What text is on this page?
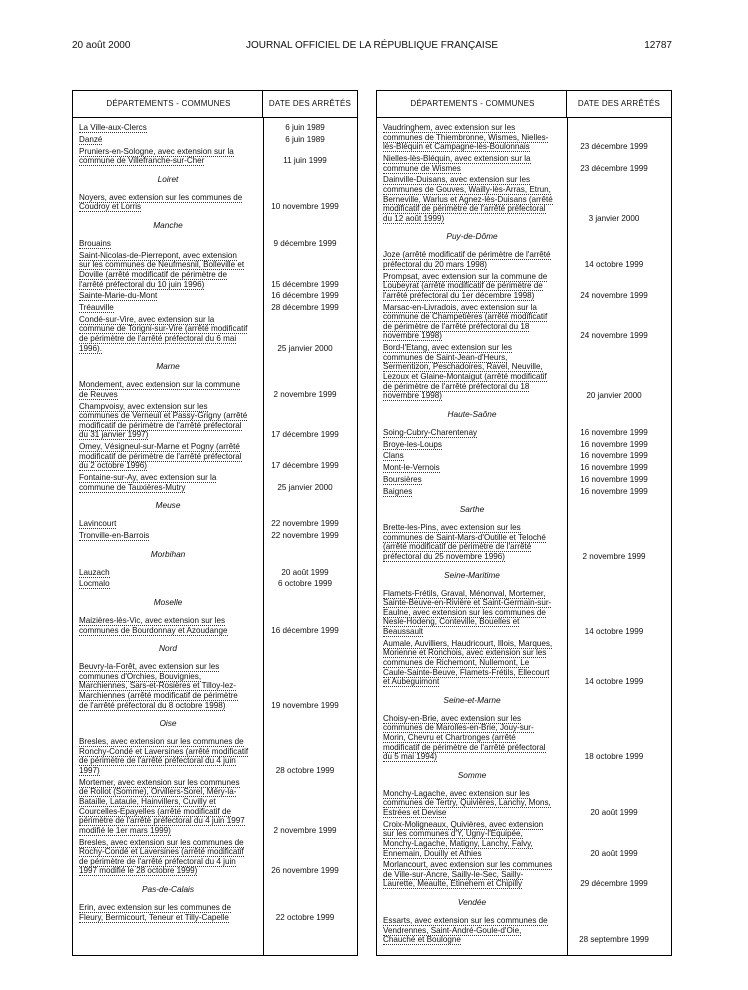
20 août 2000	JOURNAL OFFICIEL DE LA RÉPUBLIQUE FRANÇAISE	12787
DÉPARTEMENTS - COMMUNES	DATE DES ARRÊTÉS
La Ville-aux-Clercs	6 juin 1989
Danzé	6 juin 1989
Pruniers-en-Sologne, avec extension sur la commune de Villefranche-sur-Cher	11 juin 1999
Loiret
Noyers, avec extension sur les communes de Coudroy et Lorris	10 novembre 1999
Manche
Brouains	9 décembre 1999
Saint-Nicolas-de-Pierrepont, avec extension sur les communes de Neufmesnil, Bolleville et Doville (arrêté modificatif de périmètre de l'arrêté préfectoral du 10 juin 1996)	15 décembre 1999
Sainte-Marie-du-Mont	16 décembre 1999
Tréauville	28 décembre 1999
Condé-sur-Vire, avec extension sur la commune de Torigni-sur-Vire (arrêté modificatif de périmètre de l'arrêté préfectoral du 6 mai 1996).	25 janvier 2000
Marne
Mondement, avec extension sur la commune de Reuves	2 novembre 1999
Champvoisy, avec extension sur les communes de Verneuil et Passy-Grigny (arrêté modificatif de périmètre de l'arrêté préfectoral du 31 janvier 1997)	17 décembre 1999
Omey, Vésigneul-sur-Marne et Pogny (arrêté modificatif de périmètre de l'arrêté préfectoral du 2 octobre 1996)	17 décembre 1999
Fontaine-sur-Ay, avec extension sur la commune de Tauxières-Mutry	25 janvier 2000
Meuse
Lavincourt	22 novembre 1999
Tronville-en-Barrois	22 novembre 1999
Morbihan
Lauzach	20 août 1999
Locmalo	6 octobre 1999
Moselle
Maizières-lès-Vic, avec extension sur les communes de Bourdonnay et Azoudange	16 décembre 1999
Nord
Beuvry-la-Forêt, avec extension sur les communes d'Orchies, Bouvignies, Marchiennes, Sars-et-Rosières et Tilloy-lez-Marchiennes (arrêté modificatif de périmètre de l'arrêté préfectoral du 8 octobre 1998)	19 novembre 1999
Oise
Bresles, avec extension sur les communes de Ronchy-Condé et Laversines (arrêté modificatif de périmètre de l'arrêté préfectoral du 4 juin 1997)	28 octobre 1999
Mortemer, avec extension sur les communes de Rollot (Somme), Orvillers-Sorel, Méry-la-Bataille, Lataule, Hainvillers, Cuvilly et Courcelles-Epayelles (arrêté modificatif de périmètre de l'arrêté préfectoral du 4 juin 1997 modifié le 1er mars 1999)	2 novembre 1999
Bresles, avec extension sur les communes de Rochy-Condé et Laversines (arrêté modificatif de périmètre de l'arrêté préfectoral du 4 juin 1997 modifié le 28 octobre 1999)	26 novembre 1999
Pas-de-Calais
Erin, avec extension sur les communes de Fleury, Bermicourt, Teneur et Tilly-Capelle	22 octobre 1999
DÉPARTEMENTS - COMMUNES	DATE DES ARRÊTÉS
Vaudringhem, avec extension sur les communes de Thiembronne, Wismes, Nielles-lès-Bléquin et Campagne-lès-Boulonnais	23 décembre 1999
Nielles-lès-Bléquin, avec extension sur la commune de Wismes	23 décembre 1999
Dainville-Duisans, avec extension sur les communes de Gouves, Wailly-lès-Arras, Etrun, Berneville, Warlus et Agnez-lès-Duisans (arrêté modificatif de périmètre de l'arrêté préfectoral du 12 août 1999)	3 janvier 2000
Puy-de-Dôme
Joze (arrêté modificatif de périmètre de l'arrêté préfectoral du 20 mars 1998)	14 octobre 1999
Prompsat, avec extension sur la commune de Loubeyrat (arrêté modificatif de périmètre de l'arrêté préfectoral du 1er décembre 1998)	24 novembre 1999
Marsac-en-Livradois, avec extension sur la commune de Champetières (arrêté modificatif de périmètre de l'arrêté préfectoral du 18 novembre 1998)	24 novembre 1999
Bord-l'Etang, avec extension sur les communes de Saint-Jean-d'Heurs, Sermentizon, Peschadoires, Ravel, Neuville, Lezoux et Glaine-Montaigut (arrêté modificatif de périmètre de l'arrêté préfectoral du 18 novembre 1998)	20 janvier 2000
Haute-Saône
Soing-Cubry-Charentenay	16 novembre 1999
Broye-les-Loups	16 novembre 1999
Clans	16 novembre 1999
Mont-le-Vernois	16 novembre 1999
Boursières	16 novembre 1999
Baignes	16 novembre 1999
Sarthe
Brette-les-Pins, avec extension sur les communes de Saint-Mars-d'Outille et Teloché (arrêté modificatif de périmètre de l'arrêté préfectoral du 25 novembre 1996)	2 novembre 1999
Seine-Maritime
Flamets-Frétils, Graval, Ménonval, Mortemer, Sainte-Beuve-en-Rivière et Saint-Germain-sur-Eaulne, avec extension sur les communes de Nesle-Hodeng, Conteville, Bouelles et Beaussault	14 octobre 1999
Aumale, Auvilliers, Haudricourt, Illois, Marques, Morienne et Ronchois, avec extension sur les communes de Richemont, Nullemont, Le Caule-Sainte-Beuve, Flamets-Frétils, Ellecourt et Aubeguimont	14 octobre 1999
Seine-et-Marne
Choisy-en-Brie, avec extension sur les communes de Marolles-en-Brie, Jouy-sur-Morin, Chevru et Chartronges (arrêté modificatif de périmètre de l'arrêté préfectoral du 5 mai 1994)	18 octobre 1999
Somme
Monchy-Lagache, avec extension sur les communes de Tertry, Quivières, Lanchy, Mons, Estrées et Devise	20 août 1999
Croix-Moligneaux, Quivières, avec extension sur les communes d'Y, Ugny-l'Equipée, Monchy-Lagache, Matigny, Lanchy, Falvy, Ennemain, Douilly et Athies	20 août 1999
Morlancourt, avec extension sur les communes de Ville-sur-Ancre, Sailly-le-Sec, Sailly-Laurette, Meaulte, Etinehem et Chipilly	29 décembre 1999
Vendée
Essarts, avec extension sur les communes de Vendrennes, Saint-André-Goule-d'Oie, Chauché et Boulogne	28 septembre 1999
